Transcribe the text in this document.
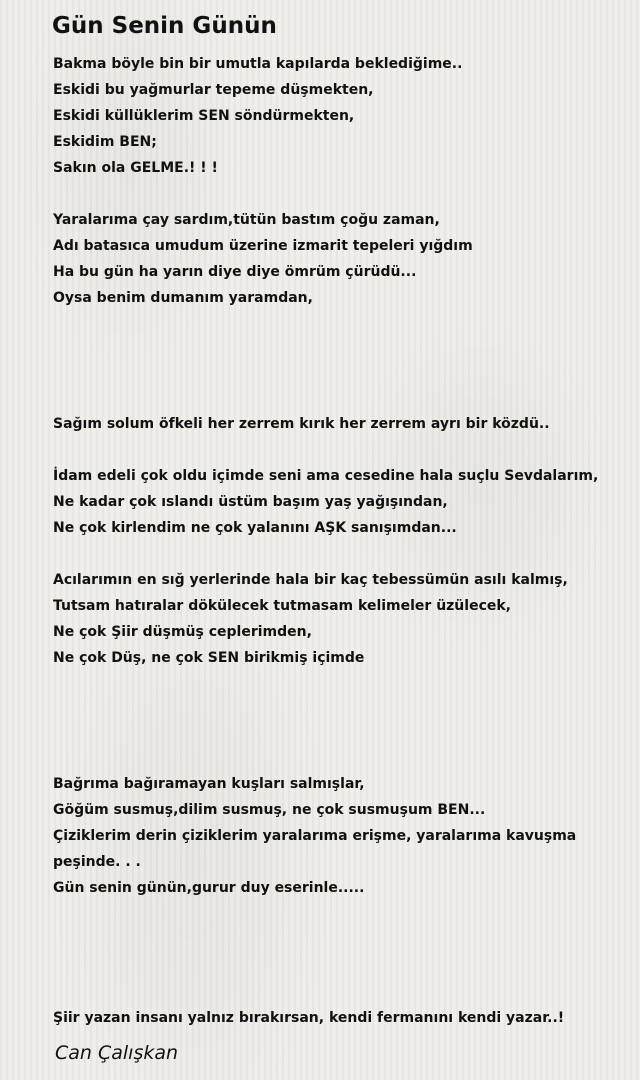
Gün Senin Günün
Bakma böyle bin bir umutla kapılarda beklediğime..
Eskidi bu yağmurlar tepeme düşmekten,
Eskidi küllüklerim SEN söndürmekten,
Eskidim BEN;
Sakın ola GELME.! ! !
Yaralarıma çay sardım,tütün bastım çoğu zaman,
Adı batasıca umudum üzerine izmarit tepeleri yığdım
Ha bu gün ha yarın diye diye ömrüm çürüdü...
Oysa benim dumanım yaramdan,
Sağım solum öfkeli her zerrem kırık her zerrem ayrı bir közdü..
İdam edeli çok oldu içimde seni ama cesedine hala suçlu Sevdalarım,
Ne kadar çok ıslandı üstüm başım yaş yağışından,
Ne çok kirlendim ne çok yalanını AŞK sanışımdan...
Acılarımın en sığ yerlerinde hala bir kaç tebessümün asılı kalmış,
Tutsam hatıralar dökülecek tutmasam kelimeler üzülecek,
Ne çok Şiir düşmüş ceplerimden,
Ne çok Düş, ne çok SEN birikmiş içimde
Bağrıma bağıramayan kuşları salmışlar,
Göğüm susmuş,dilim susmuş, ne çok susmuşum BEN...
Çiziklerim derin çiziklerim yaralarıma erişme, yaralarıma kavuşma
peşinde. . .
Gün senin günün,gurur duy eserinle.....
Şiir yazan insanı yalnız bırakırsan, kendi fermanını kendi yazar..!
Can Çalışkan
